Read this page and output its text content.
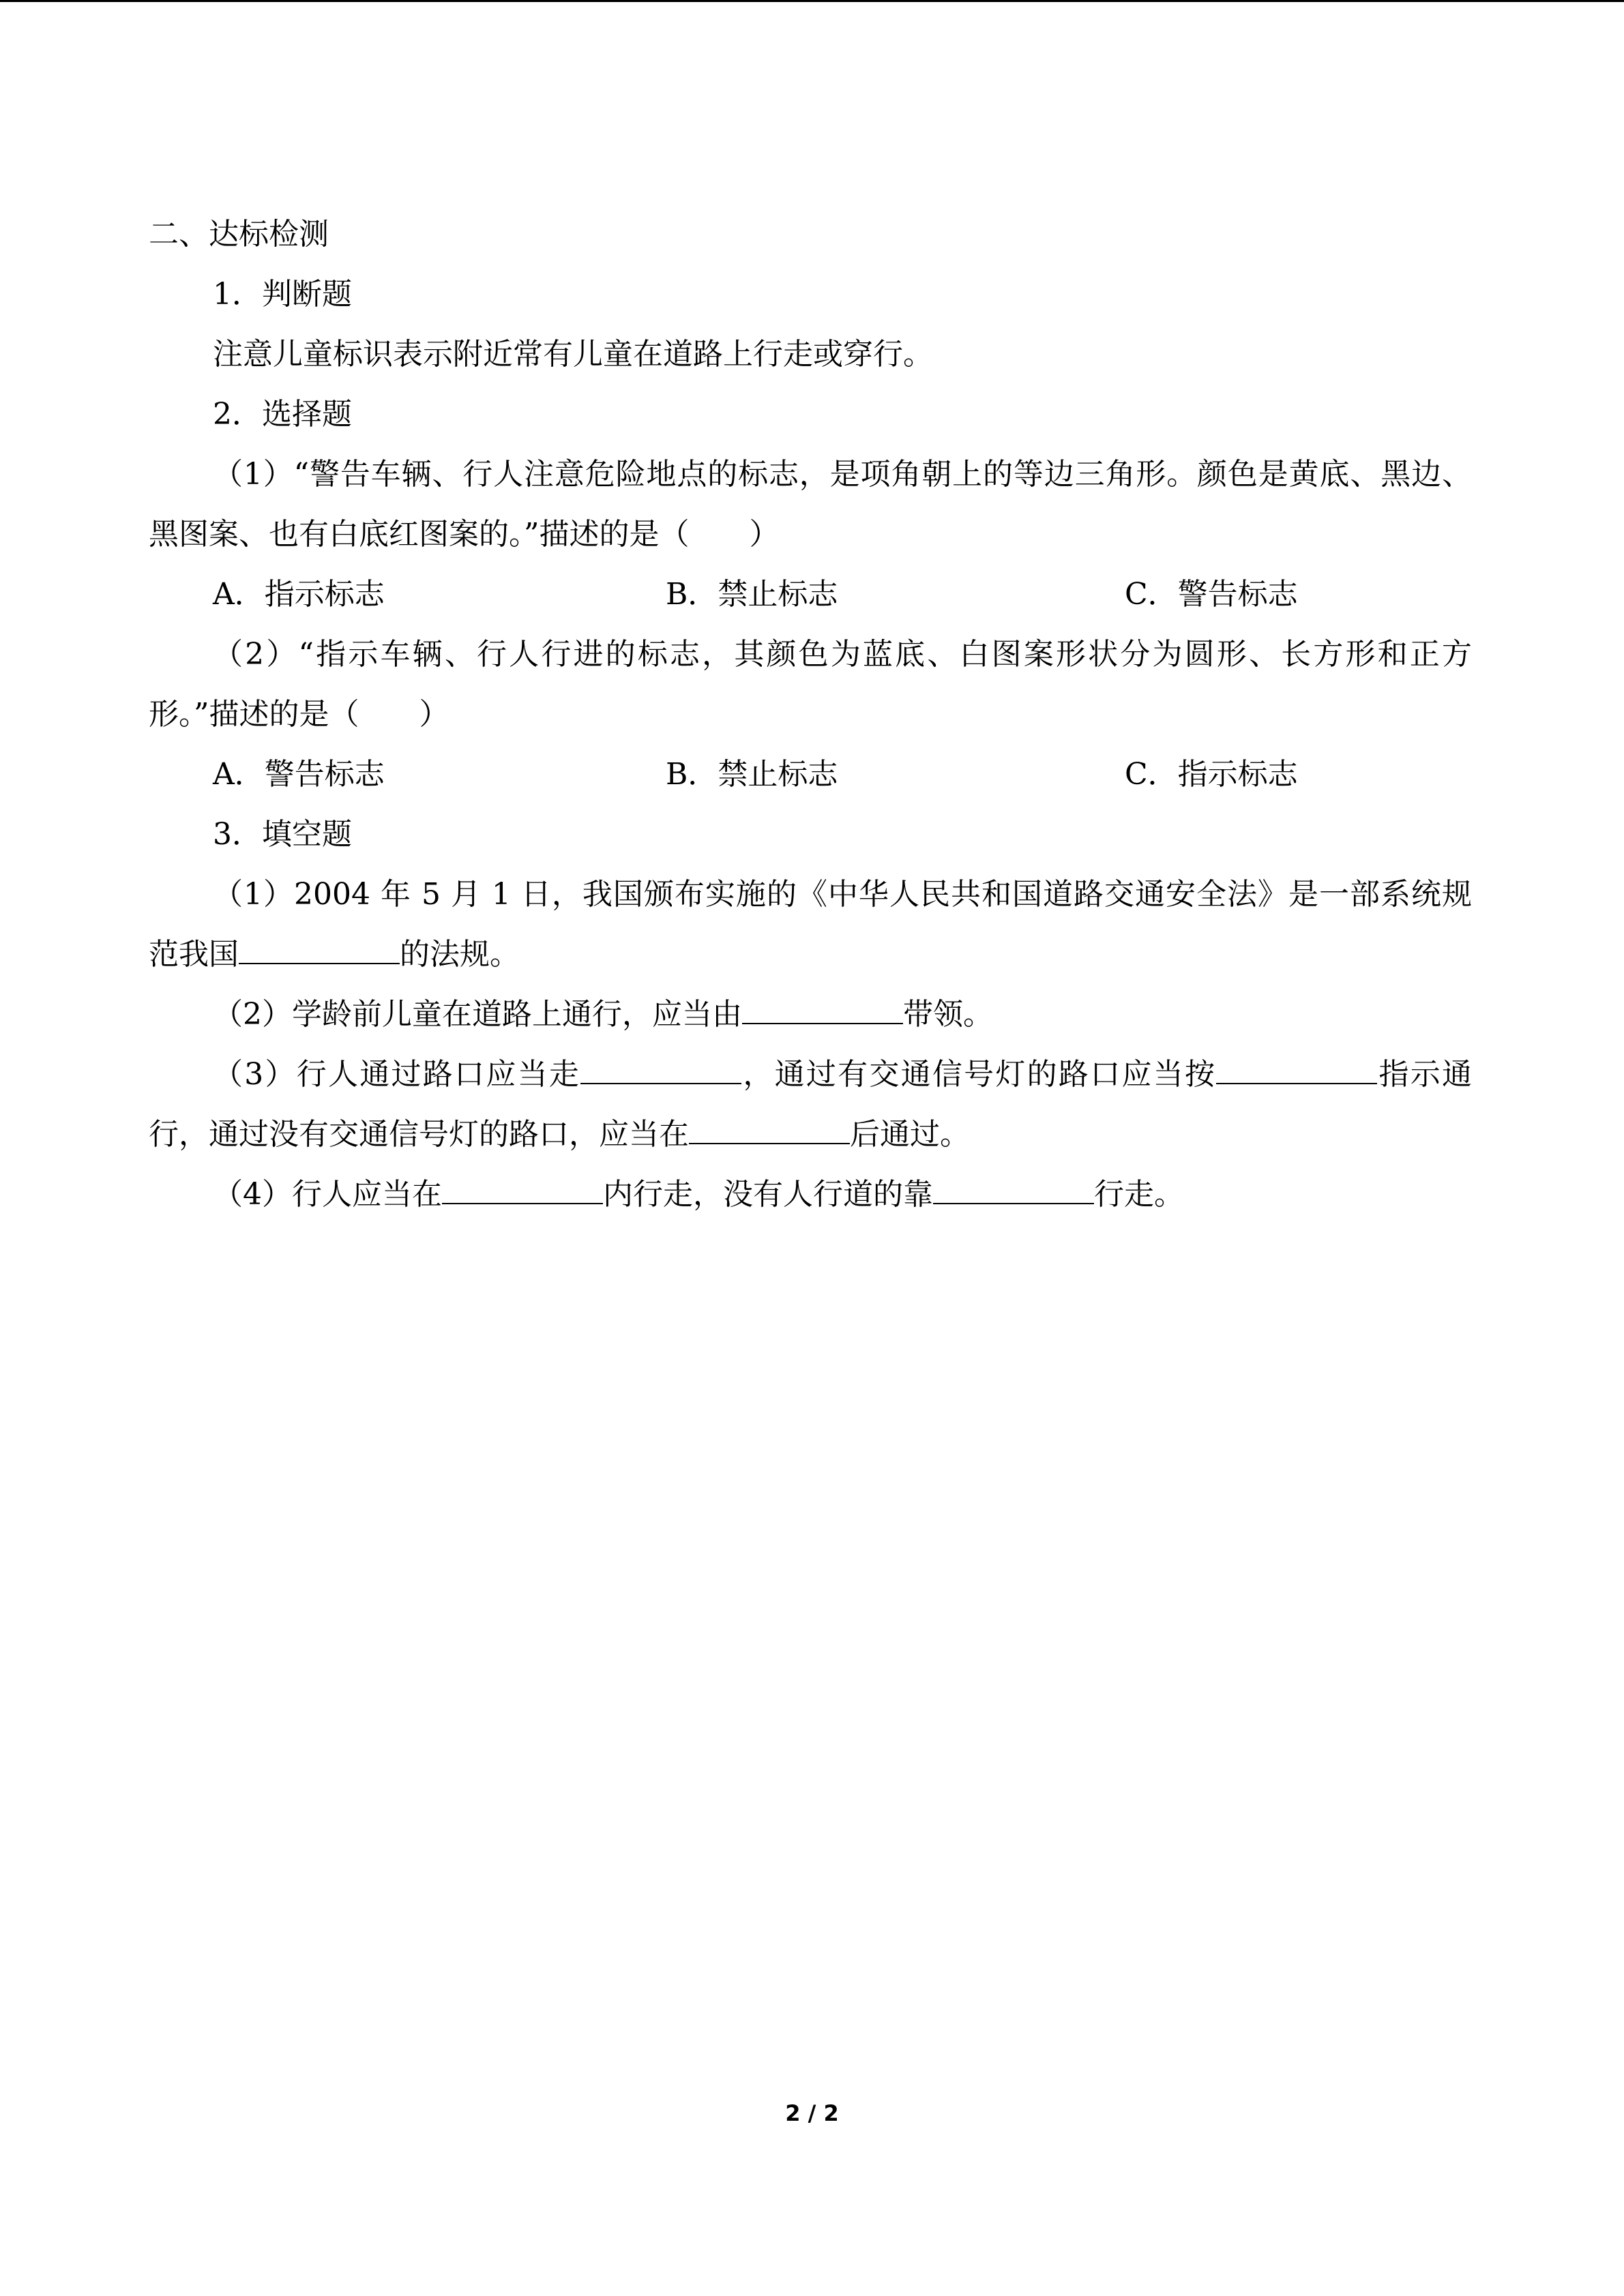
二、达标检测
1．判断题
注意儿童标识表示附近常有儿童在道路上行走或穿行。
2．选择题
（1）“警告车辆、行人注意危险地点的标志，是项角朝上的等边三角形。颜色是黄底、黑边、黑图案、也有白底红图案的。”描述的是（　　）
A．指示标志	B．禁止标志	C．警告标志
（2）“指示车辆、行人行进的标志，其颜色为蓝底、白图案形状分为圆形、长方形和正方形。”描述的是（　　）
A．警告标志	B．禁止标志	C．指示标志
3．填空题
（1）2004 年 5 月 1 日，我国颁布实施的《中华人民共和国道路交通安全法》是一部系统规范我国	的法规。
（2）学龄前儿童在道路上通行，应当由	带领。
（3）行人通过路口应当走	，通过有交通信号灯的路口应当按	指示通行，通过没有交通信号灯的路口，应当在	后通过。
（4）行人应当在	内行走，没有人行道的靠	行走。
2 / 2
